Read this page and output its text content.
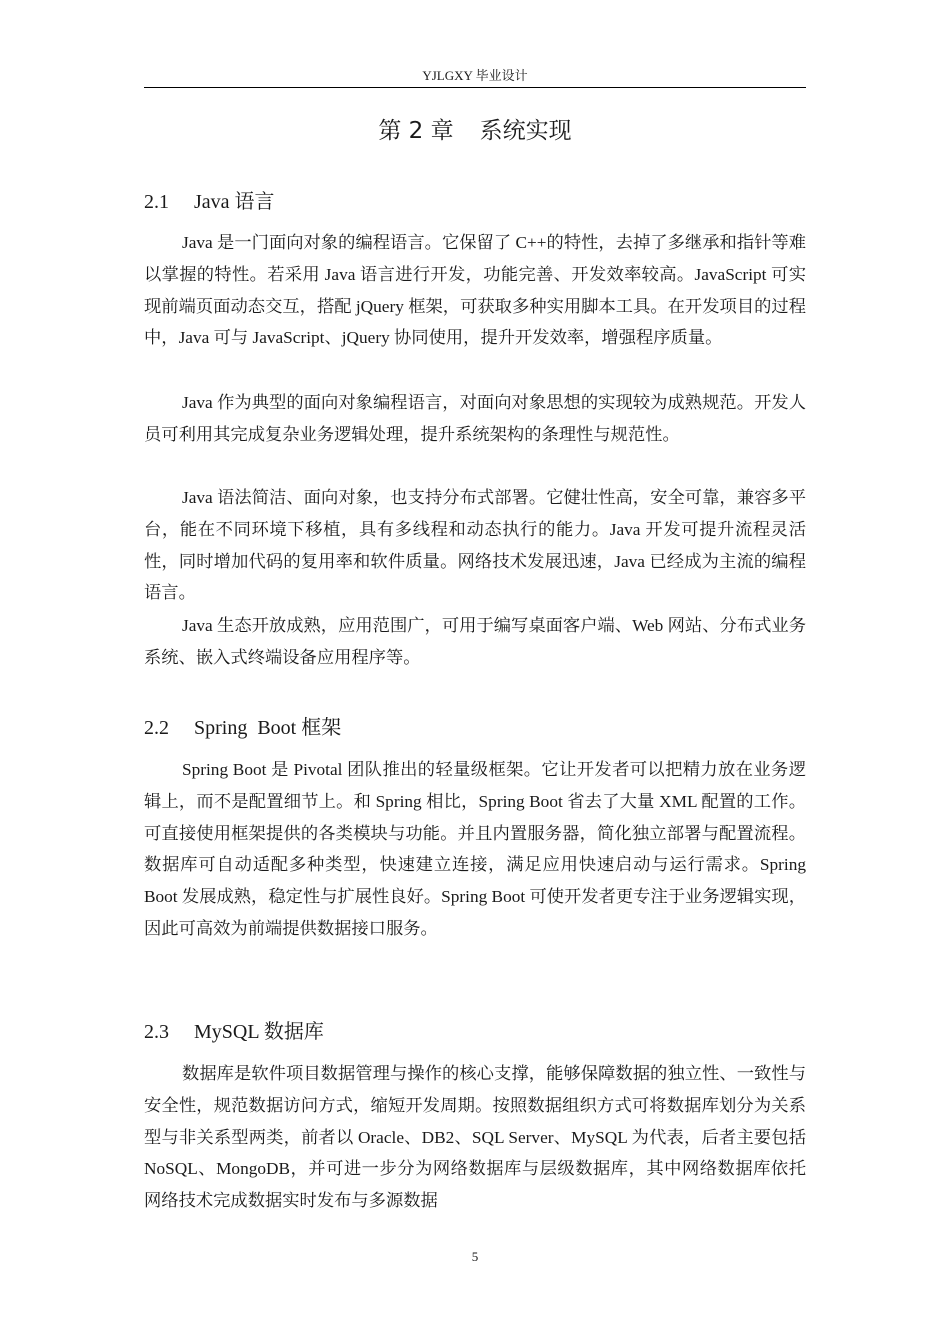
YJLGXY 毕业设计
第 2 章 系统实现
2.1 Java 语言

Java 是一门面向对象的编程语言。它保留了 C++的特性，去掉了多继承和指针等难以掌握的特性。若采用 Java 语言进行开发，功能完善、开发效率较高。JavaScript 可实现前端页面动态交互，搭配 jQuery 框架，可获取多种实用脚本工具。在开发项目的过程中，Java 可与 JavaScript、jQuery 协同使用，提升开发效率，增强程序质量。

Java 作为典型的面向对象编程语言，对面向对象思想的实现较为成熟规范。开发人员可利用其完成复杂业务逻辑处理，提升系统架构的条理性与规范性。

Java 语法简洁、面向对象，也支持分布式部署。它健壮性高，安全可靠，兼容多平台，能在不同环境下移植，具有多线程和动态执行的能力。Java 开发可提升流程灵活性，同时增加代码的复用率和软件质量。网络技术发展迅速，Java 已经成为主流的编程语言。

Java 生态开放成熟，应用范围广，可用于编写桌面客户端、Web 网站、分布式业务系统、嵌入式终端设备应用程序等。

2.2 Spring  Boot 框架

Spring Boot 是 Pivotal 团队推出的轻量级框架。它让开发者可以把精力放在业务逻辑上，而不是配置细节上。和 Spring 相比，Spring Boot 省去了大量 XML 配置的工作。可直接使用框架提供的各类模块与功能。并且内置服务器，简化独立部署与配置流程。数据库可自动适配多种类型，快速建立连接，满足应用快速启动与运行需求。Spring Boot 发展成熟，稳定性与扩展性良好。Spring Boot 可使开发者更专注于业务逻辑实现，因此可高效为前端提供数据接口服务。

2.3 MySQL 数据库

数据库是软件项目数据管理与操作的核心支撑，能够保障数据的独立性、一致性与安全性，规范数据访问方式，缩短开发周期。按照数据组织方式可将数据库划分为关系型与非关系型两类，前者以 Oracle、DB2、SQL Server、MySQL 为代表，后者主要包括 NoSQL、MongoDB，并可进一步分为网络数据库与层级数据库，其中网络数据库依托网络技术完成数据实时发布与多源数据

5
